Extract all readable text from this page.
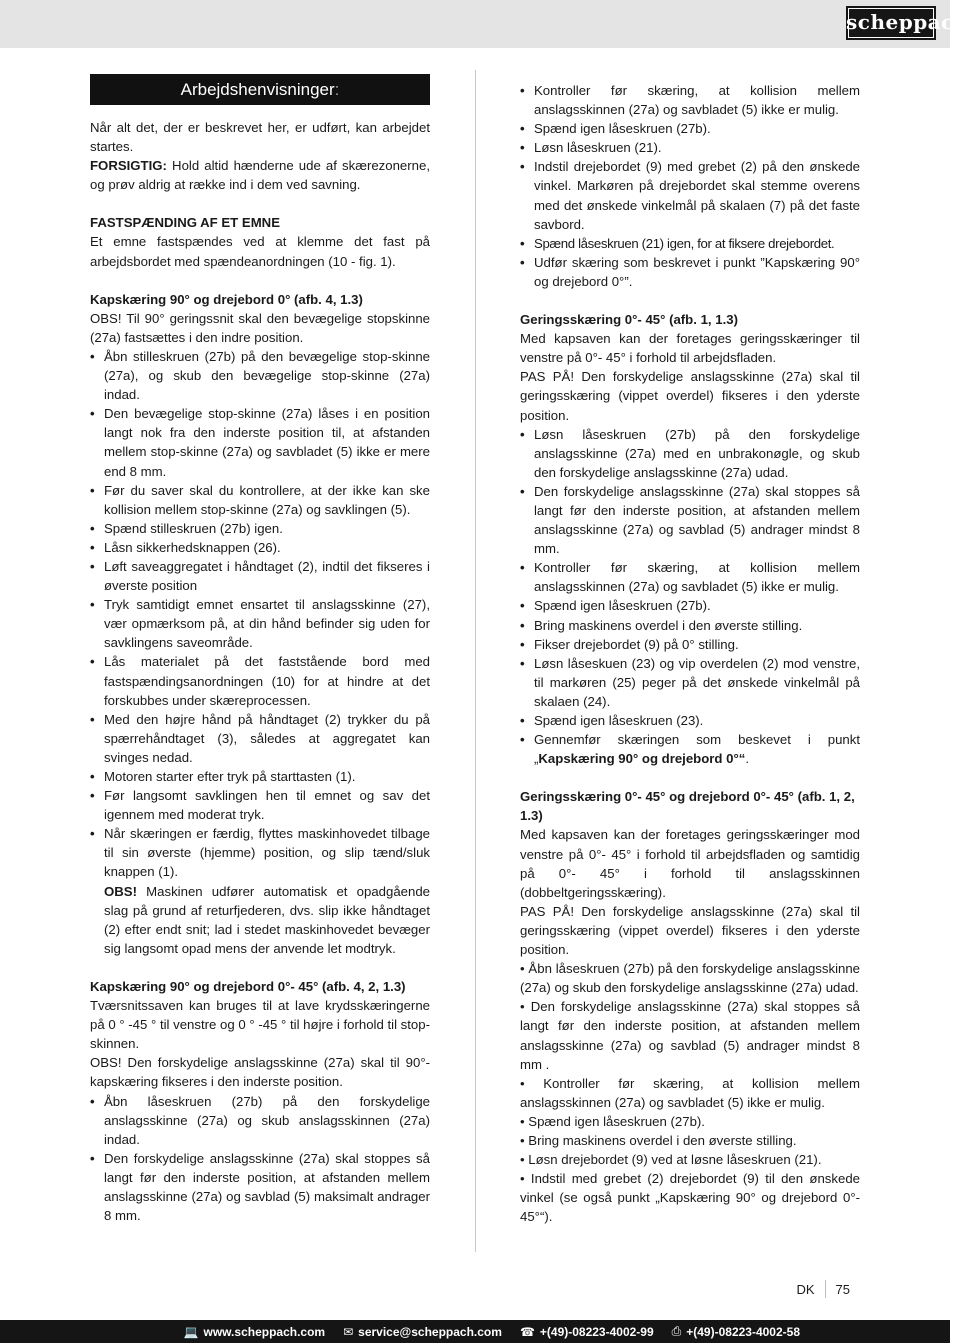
scheppach
Arbejdshenvisninger:

Når alt det, der er beskrevet her, er udført, kan arbejdet startes.

FORSIGTIG: Hold altid hænderne ude af skærezonerne, og prøv aldrig at række ind i dem ved savning.

FASTSPÆNDING AF ET EMNE

Et emne fastspændes ved at klemme det fast på arbejdsbordet med spændeanordningen (10 - fig. 1).

Kapskæring 90° og drejebord 0° (afb. 4, 1.3)

OBS! Til 90° geringssnit skal den bevægelige stopskinne (27a) fastsættes i den indre position.

• Åbn stilleskruen (27b) på den bevægelige stop-skinne (27a), og skub den bevægelige stop-skinne (27a) indad.
• Den bevægelige stop-skinne (27a) låses i en position langt nok fra den inderste position til, at afstanden mellem stop-skinne (27a) og savbladet (5) ikke er mere end 8 mm.
• Før du saver skal du kontrollere, at der ikke kan ske kollision mellem stop-skinne (27a) og savklingen (5).
• Spænd stilleskruen (27b) igen.
• Låsn sikkerhedsknappen (26).
• Løft saveaggregatet i håndtaget (2), indtil det fikseres i øverste position
• Tryk samtidigt emnet ensartet til anslagsskinne (27), vær opmærksom på, at din hånd befinder sig uden for savklingens saveområde.
• Lås materialet på det faststående bord med fastspændingsanordningen (10) for at hindre at det forskubbes under skæreprocessen.
• Med den højre hånd på håndtaget (2) trykker du på spærrehåndtaget (3), således at aggregatet kan svinges nedad.
• Motoren starter efter tryk på starttasten (1).
• Før langsomt savklingen hen til emnet og sav det igennem med moderat tryk.
• Når skæringen er færdig, flyttes maskinhovedet tilbage til sin øverste (hjemme) position, og slip tænd/sluk knappen (1).
OBS! Maskinen udfører automatisk et opadgående slag på grund af returfjederen, dvs. slip ikke håndtaget (2) efter endt snit; lad i stedet maskinhovedet bevæger sig langsomt opad mens der anvende let modtryk.
Kapskæring 90° og drejebord 0°- 45° (afb. 4, 2, 1.3)

Tværsnitssaven kan bruges til at lave krydsskæringerne på 0 ° -45 ° til venstre og 0 ° -45 ° til højre i forhold til stop-skinnen.

OBS! Den forskydelige anslagsskinne (27a) skal til 90°-kapskæring fikseres i den inderste position.

• Åbn låseskruen (27b) på den forskydelige anslagsskinne (27a) og skub anslagsskinnen (27a) indad.
• Den forskydelige anslagsskinne (27a) skal stoppes så langt før den inderste position, at afstanden mellem anslagsskinne (27a) og savblad (5) maksimalt andrager 8 mm.
• Kontroller før skæring, at kollision mellem anslagsskinnen (27a) og savbladet (5) ikke er mulig.
• Spænd igen låseskruen (27b).
• Løsn låseskruen (21).
• Indstil drejebordet (9) med grebet (2) på den ønskede vinkel. Markøren på drejebordet skal stemme overens med det ønskede vinkelmål på skalaen (7) på det faste savbord.
• Spænd låseskruen (21) igen, for at fiksere drejebordet.
• Udfør skæring som beskrevet i punkt ”Kapskæring 90° og drejebord 0°”.
Geringsskæring 0°- 45° (afb. 1, 1.3)

Med kapsaven kan der foretages geringsskæringer til venstre på 0°- 45° i forhold til arbejdsfladen.

PAS PÅ! Den forskydelige anslagsskinne (27a) skal til geringsskæring (vippet overdel) fikseres i den yderste position.

• Løsn låseskruen (27b) på den forskydelige anslagsskinne (27a) med en unbrakonøgle, og skub den forskydelige anslagsskinne (27a) udad.
• Den forskydelige anslagsskinne (27a) skal stoppes så langt før den inderste position, at afstanden mellem anslagsskinne (27a) og savblad (5) andrager mindst 8 mm.
• Kontroller før skæring, at kollision mellem anslagsskinnen (27a) og savbladet (5) ikke er mulig.
• Spænd igen låseskruen (27b).
• Bring maskinens overdel i den øverste stilling.
• Fikser drejebordet (9) på 0° stilling.
• Løsn låseskuen (23) og vip overdelen (2) mod venstre, til markøren (25) peger på det ønskede vinkelmål på skalaen (24).
• Spænd igen låseskruen (23).
• Gennemfør skæringen som beskevet i punkt „Kapskæring 90° og drejebord 0°“.
Geringsskæring 0°- 45° og drejebord 0°- 45° (afb. 1, 2, 1.3)

Med kapsaven kan der foretages geringsskæringer mod venstre på 0°- 45° i forhold til arbejdsfladen og samtidig på 0°- 45° i forhold til anslagsskinnen (dobbeltgeringsskæring).

PAS PÅ! Den forskydelige anslagsskinne (27a) skal til geringsskæring (vippet overdel) fikseres i den yderste position.

• Åbn låseskruen (27b) på den forskydelige anslagsskinne (27a) og skub den forskydelige anslagsskinne (27a) udad.

• Den forskydelige anslagsskinne (27a) skal stoppes så langt før den inderste position, at afstanden mellem anslagsskinne (27a) og savblad (5) andrager mindst 8 mm .

• Kontroller før skæring, at kollision mellem anslagsskinnen (27a) og savbladet (5) ikke er mulig.

• Spænd igen låseskruen (27b).

• Bring maskinens overdel i den øverste stilling.

• Løsn drejebordet (9) ved at løsne låseskruen (21).

• Indstil med grebet (2) drejebordet (9) til den ønskede vinkel (se også punkt „Kapskæring 90° og drejebord 0°- 45°“).

DK	75
💻 www.scheppach.com ✉ service@scheppach.com ☎ +(49)-08223-4002-99 ⎙ +(49)-08223-4002-58
